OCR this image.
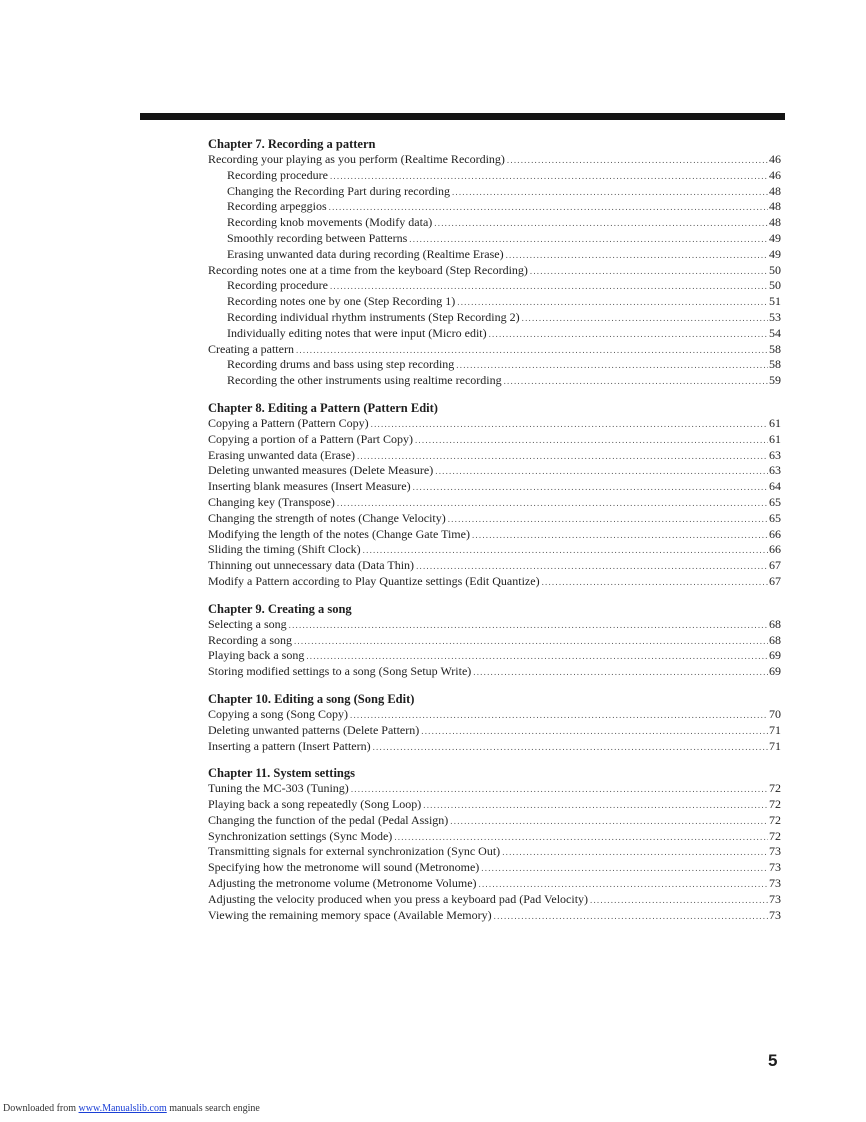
Chapter 7. Recording a pattern
Recording your playing as you perform (Realtime Recording) .....	46
Recording procedure .....	46
Changing the Recording Part during recording .....	48
Recording arpeggios .....	48
Recording knob movements (Modify data) .....	48
Smoothly recording between Patterns .....	49
Erasing unwanted data during recording (Realtime Erase) .....	49
Recording notes one at a time from the keyboard (Step Recording) .....	50
Recording procedure .....	50
Recording notes one by one (Step Recording 1) .....	51
Recording individual rhythm instruments (Step Recording 2) .....	53
Individually editing notes that were input (Micro edit) .....	54
Creating a pattern .....	58
Recording drums and bass using step recording .....	58
Recording the other instruments using realtime recording .....	59
Chapter 8. Editing a Pattern (Pattern Edit)
Copying a Pattern (Pattern Copy) .....	61
Copying a portion of a Pattern (Part Copy) .....	61
Erasing unwanted data (Erase) .....	63
Deleting unwanted measures (Delete Measure) .....	63
Inserting blank measures (Insert Measure) .....	64
Changing key (Transpose) .....	65
Changing the strength of notes (Change Velocity) .....	65
Modifying the length of the notes (Change Gate Time) .....	66
Sliding the timing (Shift Clock) .....	66
Thinning out unnecessary data (Data Thin) .....	67
Modify a Pattern according to Play Quantize settings (Edit Quantize) .....	67
Chapter 9. Creating a song
Selecting a song .....	68
Recording a song .....	68
Playing back a song .....	69
Storing modified settings to a song (Song Setup Write) .....	69
Chapter 10. Editing a song (Song Edit)
Copying a song (Song Copy) .....	70
Deleting unwanted patterns (Delete Pattern) .....	71
Inserting a pattern (Insert Pattern) .....	71
Chapter 11. System settings
Tuning the MC-303 (Tuning) .....	72
Playing back a song repeatedly (Song Loop) .....	72
Changing the function of the pedal (Pedal Assign) .....	72
Synchronization settings (Sync Mode) .....	72
Transmitting signals for external synchronization (Sync Out) .....	73
Specifying how the metronome will sound (Metronome) .....	73
Adjusting the metronome volume (Metronome Volume) .....	73
Adjusting the velocity produced when you press a keyboard pad (Pad Velocity) .....	73
Viewing the remaining memory space (Available Memory) .....	73
5
Downloaded from www.Manualslib.com manuals search engine
